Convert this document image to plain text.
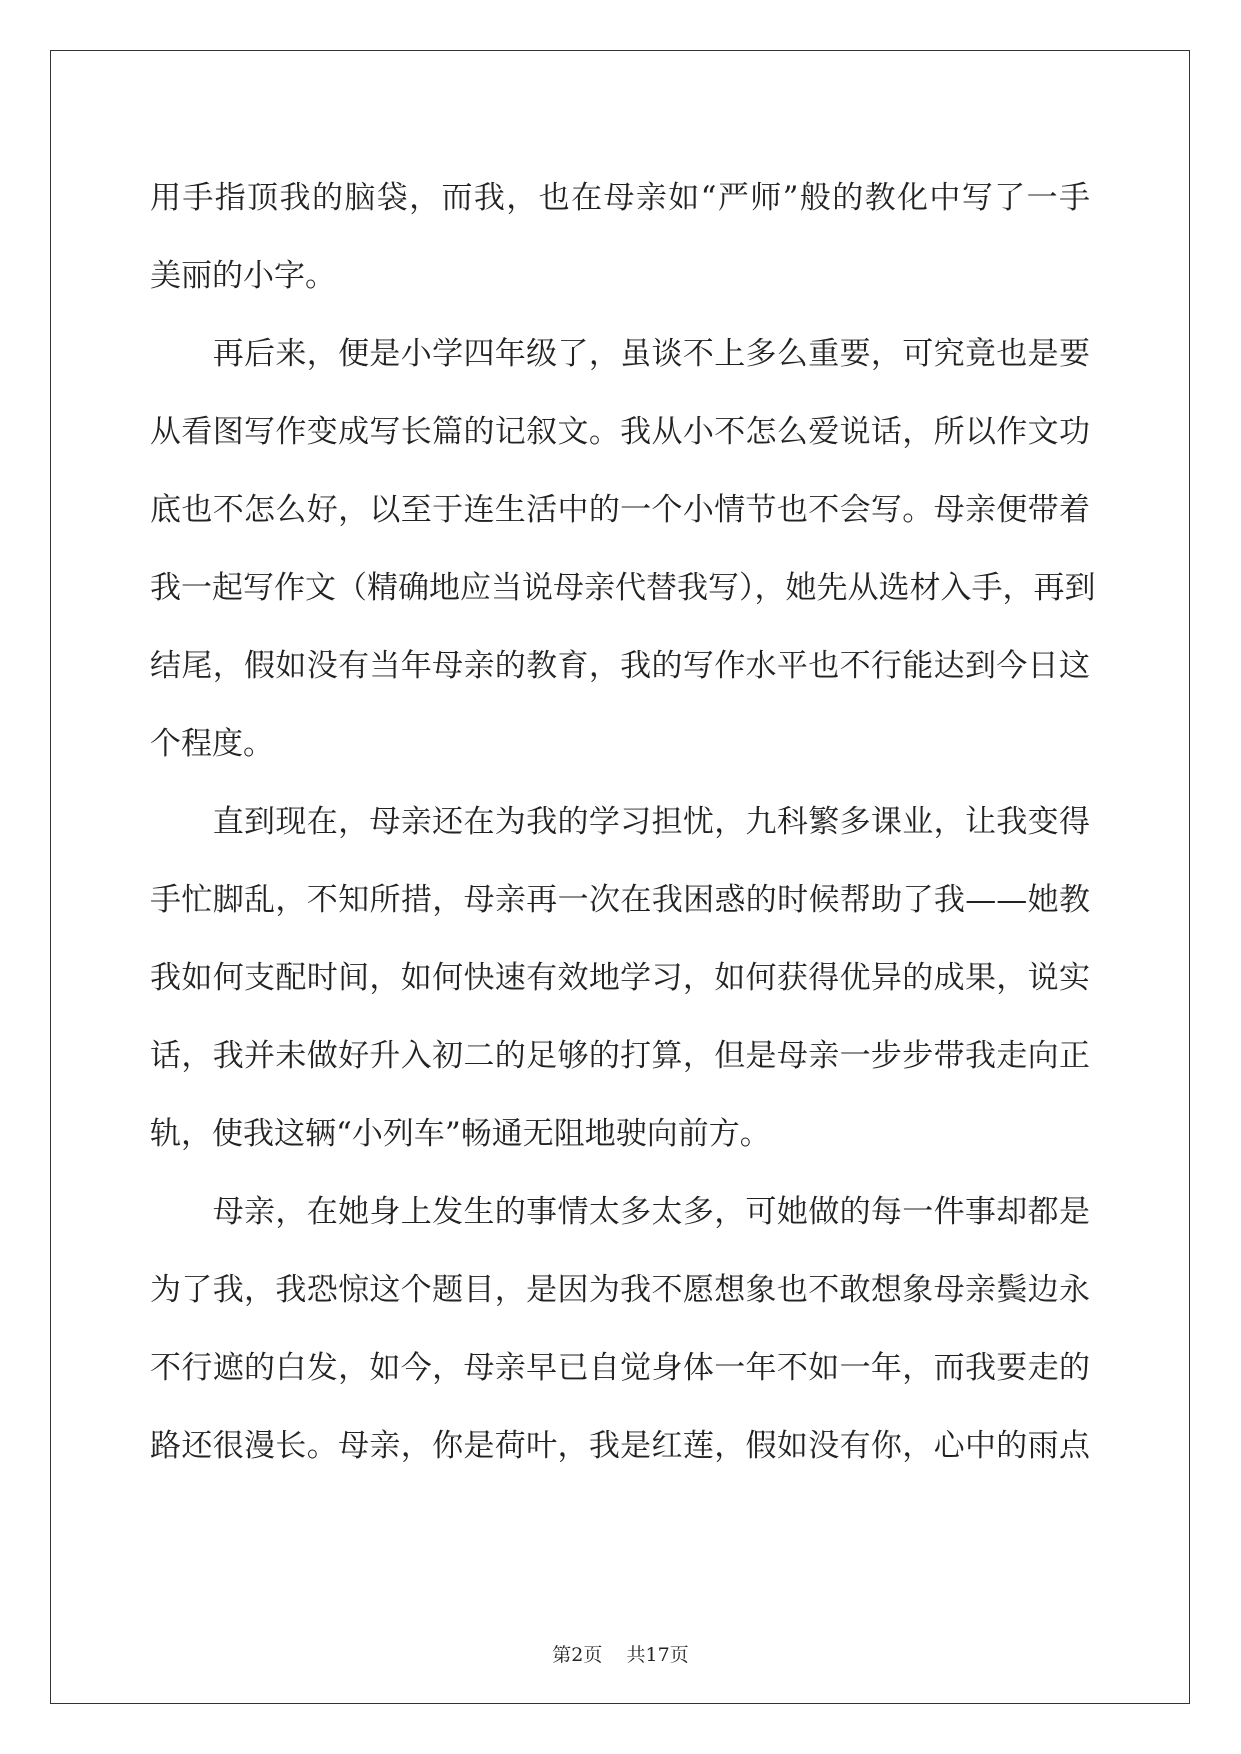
用手指顶我的脑袋，而我，也在母亲如“严师”般的教化中写了一手
美丽的小字。
　　再后来，便是小学四年级了，虽谈不上多么重要，可究竟也是要
从看图写作变成写长篇的记叙文。我从小不怎么爱说话，所以作文功
底也不怎么好，以至于连生活中的一个小情节也不会写。母亲便带着
我一起写作文（精确地应当说母亲代替我写），她先从选材入手，再到
结尾，假如没有当年母亲的教育，我的写作水平也不行能达到今日这
个程度。
　　直到现在，母亲还在为我的学习担忧，九科繁多课业，让我变得
手忙脚乱，不知所措，母亲再一次在我困惑的时候帮助了我——她教
我如何支配时间，如何快速有效地学习，如何获得优异的成果，说实
话，我并未做好升入初二的足够的打算，但是母亲一步步带我走向正
轨，使我这辆“小列车”畅通无阻地驶向前方。
　　母亲，在她身上发生的事情太多太多，可她做的每一件事却都是
为了我，我恐惊这个题目，是因为我不愿想象也不敢想象母亲鬓边永
不行遮的白发，如今，母亲早已自觉身体一年不如一年，而我要走的
路还很漫长。母亲，你是荷叶，我是红莲，假如没有你，心中的雨点
第2页 共17页
